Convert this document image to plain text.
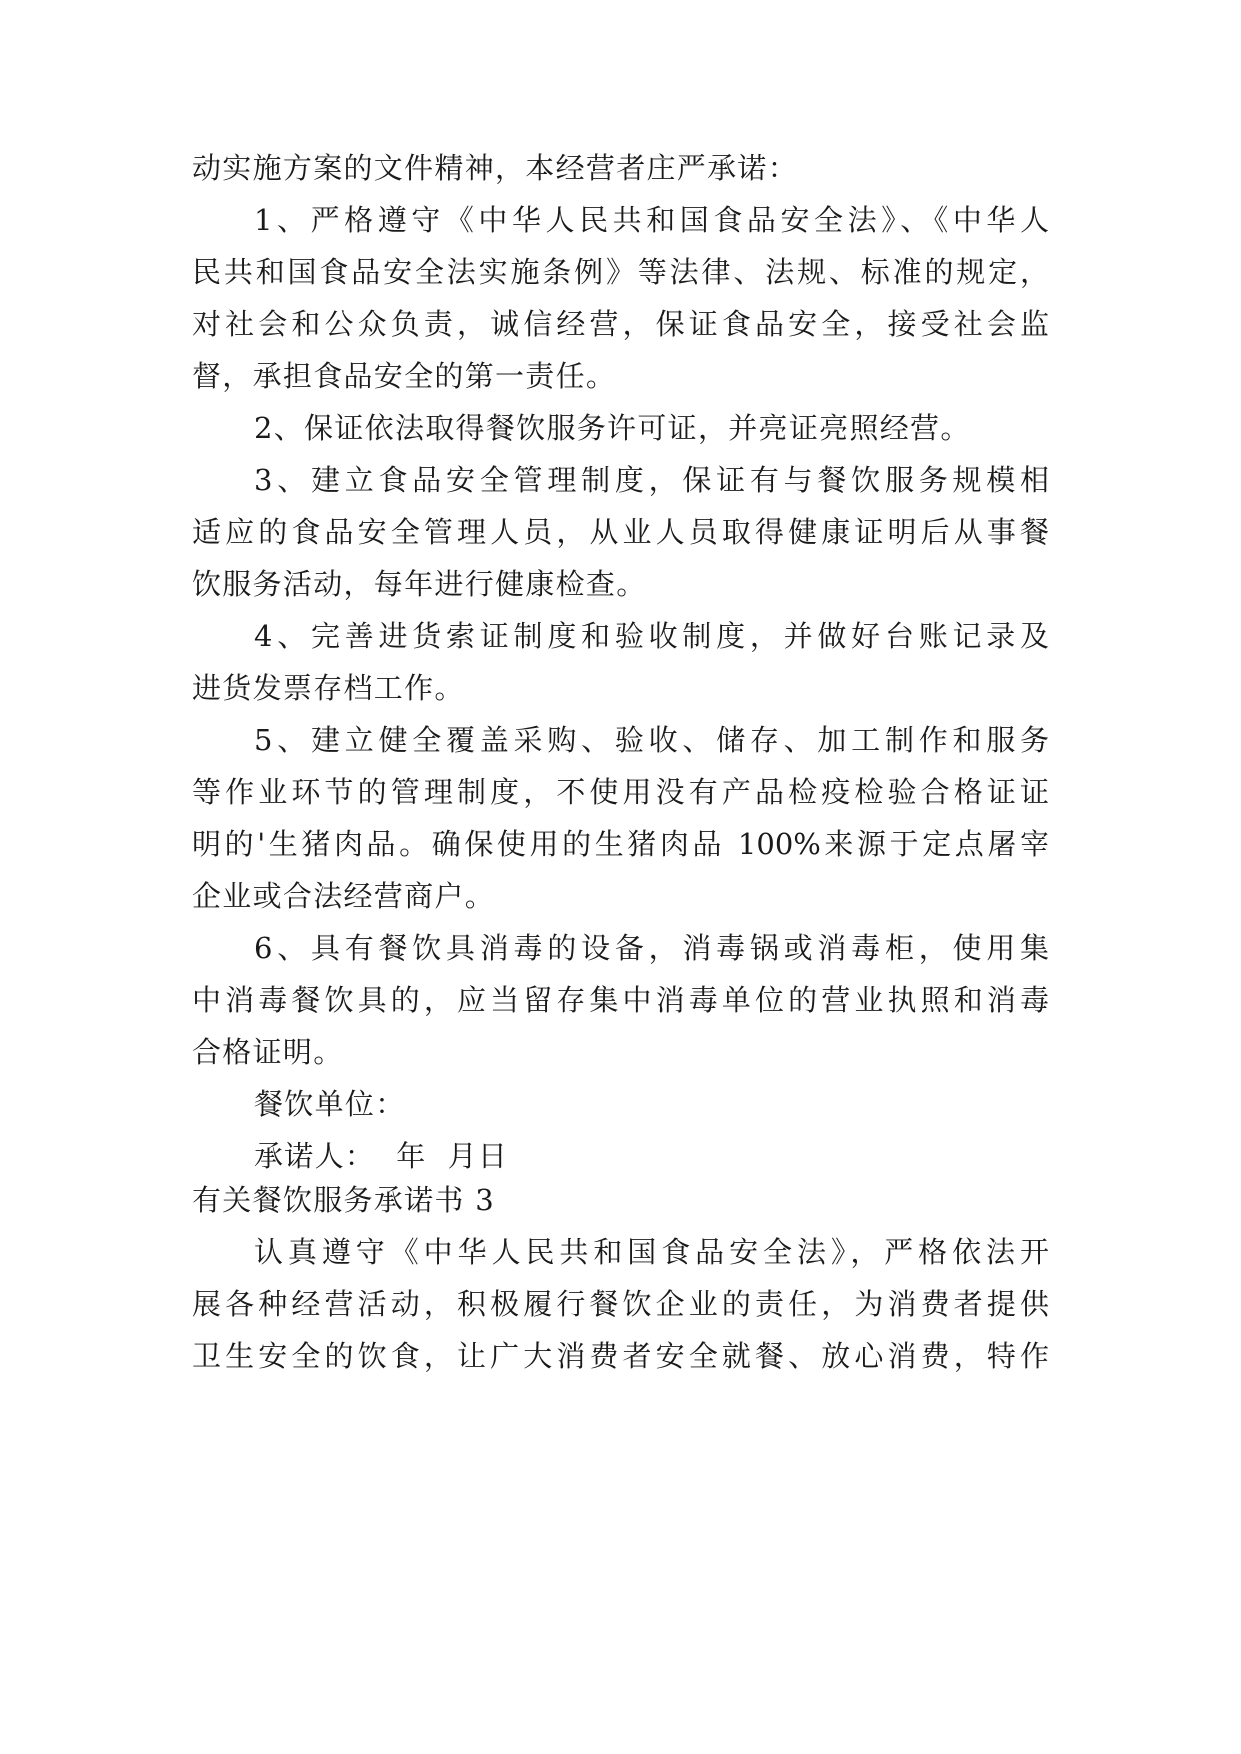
动实施方案的文件精神，本经营者庄严承诺：
1、严格遵守《中华人民共和国食品安全法》、《中华人
民共和国食品安全法实施条例》等法律、法规、标准的规定，
对社会和公众负责，诚信经营，保证食品安全，接受社会监
督，承担食品安全的第一责任。
2、保证依法取得餐饮服务许可证，并亮证亮照经营。
3、建立食品安全管理制度，保证有与餐饮服务规模相
适应的食品安全管理人员，从业人员取得健康证明后从事餐
饮服务活动，每年进行健康检查。
4、完善进货索证制度和验收制度，并做好台账记录及
进货发票存档工作。
5、建立健全覆盖采购、验收、储存、加工制作和服务
等作业环节的管理制度，不使用没有产品检疫检验合格证证
明的'生猪肉品。确保使用的生猪肉品 100%来源于定点屠宰
企业或合法经营商户。
6、具有餐饮具消毒的设备，消毒锅或消毒柜，使用集
中消毒餐饮具的，应当留存集中消毒单位的营业执照和消毒
合格证明。
餐饮单位：
承诺人：  年  月日
有关餐饮服务承诺书 3
认真遵守《中华人民共和国食品安全法》，严格依法开
展各种经营活动，积极履行餐饮企业的责任，为消费者提供
卫生安全的饮食，让广大消费者安全就餐、放心消费，特作
